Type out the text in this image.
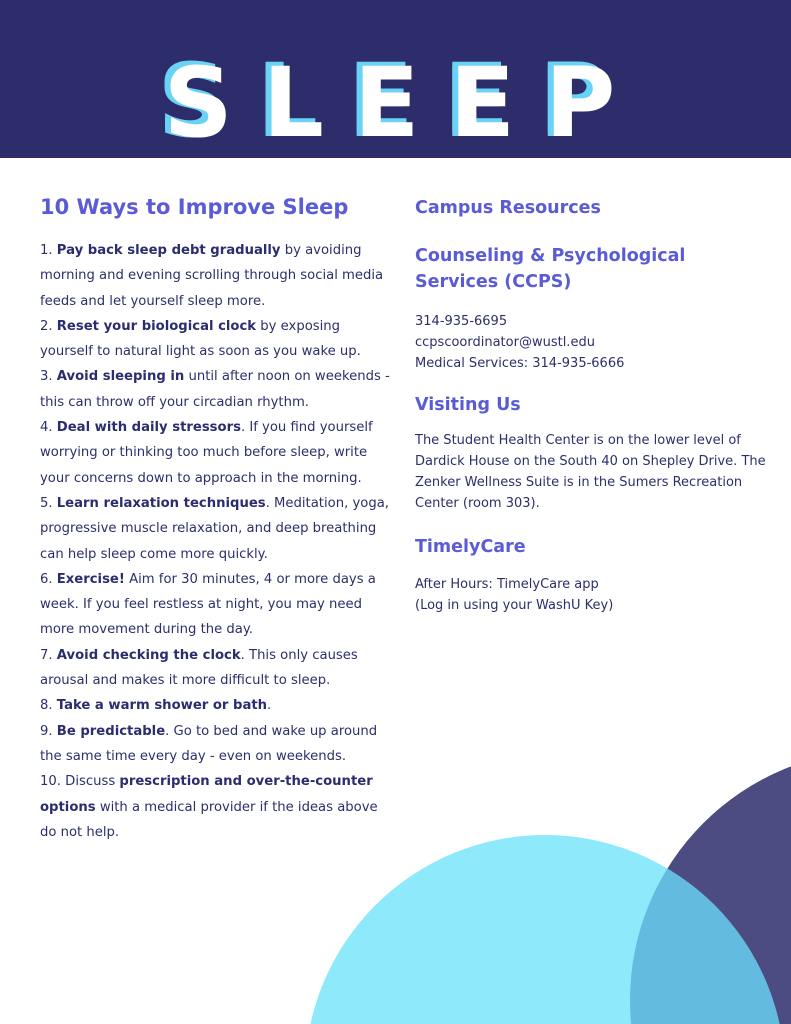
SLEEP
10 Ways to Improve Sleep
1. Pay back sleep debt gradually by avoiding morning and evening scrolling through social media feeds and let yourself sleep more.
2. Reset your biological clock by exposing yourself to natural light as soon as you wake up.
3. Avoid sleeping in until after noon on weekends - this can throw off your circadian rhythm.
4. Deal with daily stressors. If you find yourself worrying or thinking too much before sleep, write your concerns down to approach in the morning.
5. Learn relaxation techniques. Meditation, yoga, progressive muscle relaxation, and deep breathing can help sleep come more quickly.
6. Exercise! Aim for 30 minutes, 4 or more days a week. If you feel restless at night, you may need more movement during the day.
7. Avoid checking the clock. This only causes arousal and makes it more difficult to sleep.
8. Take a warm shower or bath.
9. Be predictable. Go to bed and wake up around the same time every day - even on weekends.
10. Discuss prescription and over-the-counter options with a medical provider if the ideas above do not help.
Campus Resources
Counseling & Psychological Services (CCPS)
314-935-6695
ccpscoordinator@wustl.edu
Medical Services: 314-935-6666
Visiting Us
The Student Health Center is on the lower level of Dardick House on the South 40 on Shepley Drive. The Zenker Wellness Suite is in the Sumers Recreation Center (room 303).
TimelyCare
After Hours: TimelyCare app
(Log in using your WashU Key)
